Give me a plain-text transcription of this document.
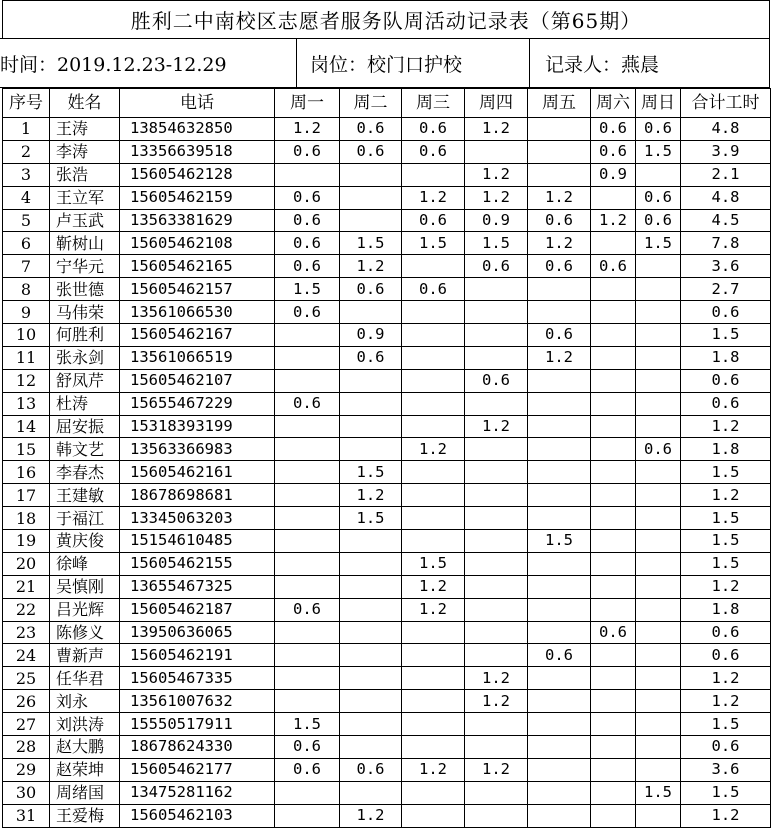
胜利二中南校区志愿者服务队周活动记录表（第65期）
时间：2019.12.23-12.29	岗位：校门口护校	记录人：燕晨
序号	姓名	电话	周一	周二	周三	周四	周五	周六	周日	合计工时
1	王涛	13854632850	1.2	0.6	0.6	1.2		0.6	0.6	4.8
2	李涛	13356639518	0.6	0.6	0.6			0.6	1.5	3.9
3	张浩	15605462128				1.2		0.9		2.1
4	王立军	15605462159	0.6		1.2	1.2	1.2		0.6	4.8
5	卢玉武	13563381629	0.6		0.6	0.9	0.6	1.2	0.6	4.5
6	靳树山	15605462108	0.6	1.5	1.5	1.5	1.2		1.5	7.8
7	宁华元	15605462165	0.6	1.2		0.6	0.6	0.6		3.6
8	张世德	15605462157	1.5	0.6	0.6					2.7
9	马伟荣	13561066530	0.6							0.6
10	何胜利	15605462167		0.9			0.6			1.5
11	张永剑	13561066519		0.6			1.2			1.8
12	舒凤芹	15605462107				0.6				0.6
13	杜涛	15655467229	0.6							0.6
14	屈安振	15318393199				1.2				1.2
15	韩文艺	13563366983			1.2				0.6	1.8
16	李春杰	15605462161		1.5						1.5
17	王建敏	18678698681		1.2						1.2
18	于福江	13345063203		1.5						1.5
19	黄庆俊	15154610485					1.5			1.5
20	徐峰	15605462155			1.5					1.5
21	吴慎刚	13655467325			1.2					1.2
22	吕光辉	15605462187	0.6		1.2					1.8
23	陈修义	13950636065						0.6		0.6
24	曹新声	15605462191					0.6			0.6
25	任华君	15605467335				1.2				1.2
26	刘永	13561007632				1.2				1.2
27	刘洪涛	15550517911	1.5							1.5
28	赵大鹏	18678624330	0.6							0.6
29	赵荣坤	15605462177	0.6	0.6	1.2	1.2				3.6
30	周绪国	13475281162							1.5	1.5
31	王爱梅	15605462103		1.2						1.2
